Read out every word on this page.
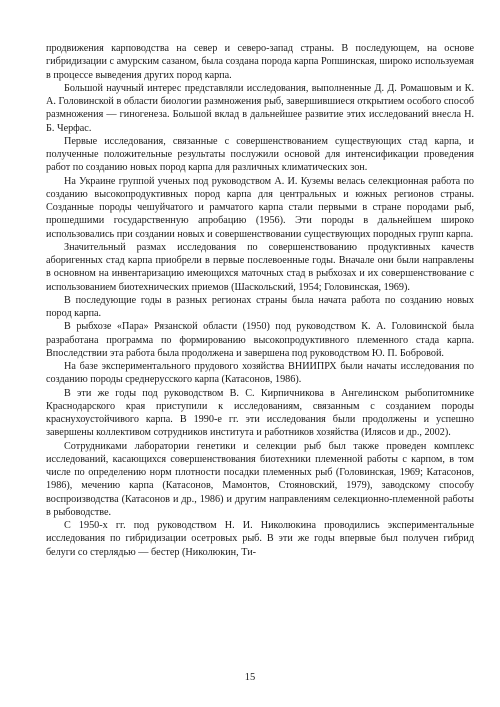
продвижения карповодства на север и северо-запад страны. В последующем, на основе гибридизации с амурским сазаном, была создана порода карпа Ропшинская, широко используемая в процессе выведения других пород карпа.

Большой научный интерес представляли исследования, выполненные Д. Д. Ромашовым и К. А. Головинской в области биологии размножения рыб, завершившиеся открытием особого способ размножения — гиногенеза. Большой вклад в дальнейшее развитие этих исследований внесла Н. Б. Черфас.

Первые исследования, связанные с совершенствованием существующих стад карпа, и полученные положительные результаты послужили основой для интенсификации проведения работ по созданию новых пород карпа для различных климатических зон.

На Украине группой ученых под руководством А. И. Куземы велась селекционная работа по созданию высокопродуктивных пород карпа для центральных и южных регионов страны. Созданные породы чешуйчатого и рамчатого карпа стали первыми в стране породами рыб, прошедшими государственную апробацию (1956). Эти породы в дальнейшем широко использовались при создании новых и совершенствовании существующих породных групп карпа.

Значительный размах исследования по совершенствованию продуктивных качеств аборигенных стад карпа приобрели в первые послевоенные годы. Вначале они были направлены в основном на инвентаризацию имеющихся маточных стад в рыбхозах и их совершенствование с использованием биотехнических приемов (Шаскольский, 1954; Головинская, 1969).

В последующие годы в разных регионах страны была начата работа по созданию новых пород карпа.

В рыбхозе «Пара» Рязанской области (1950) под руководством К. А. Головинской была разработана программа по формированию высокопродуктивного племенного стада карпа. Впоследствии эта работа была продолжена и завершена под руководством Ю. П. Бобровой.

На базе экспериментального прудового хозяйства ВНИИПРХ были начаты исследования по созданию породы среднерусского карпа (Катасонов, 1986).

В эти же годы под руководством В. С. Кирпичникова в Ангелинском рыбопитомнике Краснодарского края приступили к исследованиям, связанным с созданием породы краснухоустойчивого карпа. В 1990-е гг. эти исследования были продолжены и успешно завершены коллективом сотрудников института и работников хозяйства (Илясов и др., 2002).

Сотрудниками лаборатории генетики и селекции рыб был также проведен комплекс исследований, касающихся совершенствования биотехники племенной работы с карпом, в том числе по определению норм плотности посадки племенных рыб (Головинская, 1969; Катасонов, 1986), мечению карпа (Катасонов, Мамонтов, Стояновский, 1979), заводскому способу воспроизводства (Катасонов и др., 1986) и другим направлениям селекционно-племенной работы в рыбоводстве.

С 1950-х гг. под руководством Н. И. Николюкина проводились экспериментальные исследования по гибридизации осетровых рыб. В эти же годы впервые был получен гибрид белуги со стерлядью — бестер (Николюкин, Ти-

15
